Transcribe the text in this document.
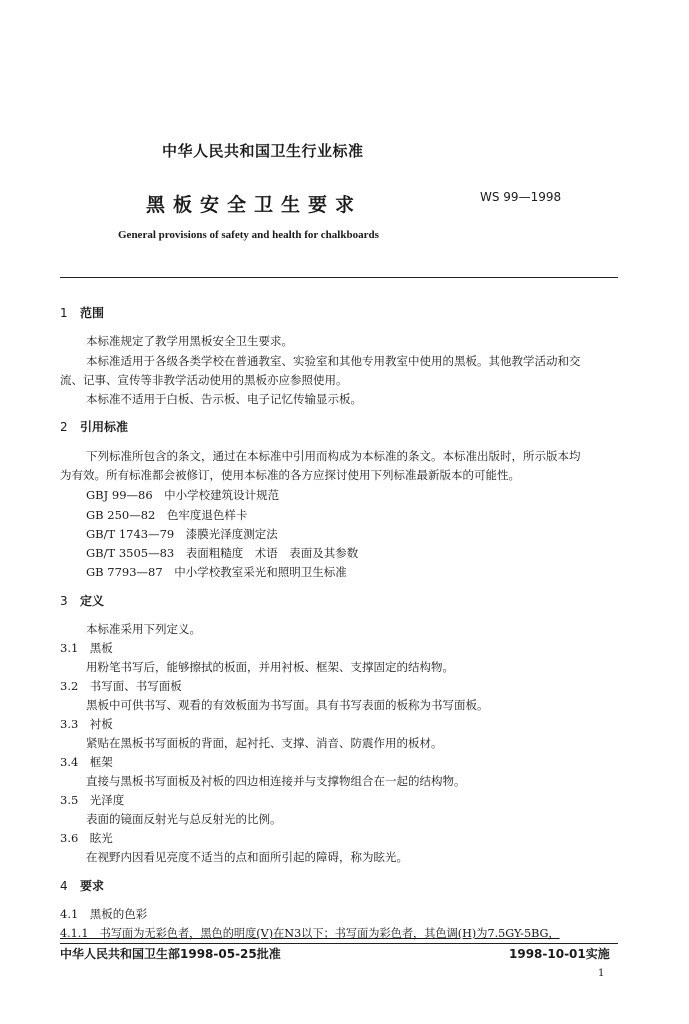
中华人民共和国卫生行业标准
黑板安全卫生要求	WS 99—1998
General provisions of safety and health for chalkboards
1 范围
本标准规定了教学用黑板安全卫生要求。
本标准适用于各级各类学校在普通教室、实验室和其他专用教室中使用的黑板。其他教学活动和交
流、记事、宣传等非教学活动使用的黑板亦应参照使用。
本标准不适用于白板、告示板、电子记忆传输显示板。
2 引用标准
下列标准所包含的条文，通过在本标准中引用而构成为本标准的条文。本标准出版时，所示版本均
为有效。所有标准都会被修订，使用本标准的各方应探讨使用下列标准最新版本的可能性。
GBJ 99—86　中小学校建筑设计规范
GB 250—82　色牢度退色样卡
GB/T 1743—79　漆膜光泽度测定法
GB/T 3505—83　表面粗糙度　术语　表面及其参数
GB 7793—87　中小学校教室采光和照明卫生标准
3 定义
本标准采用下列定义。
3.1　 黑板
用粉笔书写后，能够擦拭的板面，并用衬板、框架、支撑固定的结构物。
3.2　 书写面、书写面板
黑板中可供书写、观看的有效板面为书写面。具有书写表面的板称为书写面板。
3.3　 衬板
紧贴在黑板书写面板的背面，起衬托、支撑、消音、防震作用的板材。
3.4　 框架
直接与黑板书写面板及衬板的四边相连接并与支撑物组合在一起的结构物。
3.5　 光泽度
表面的镜面反射光与总反射光的比例。
3.6　 眩光
在视野内因看见亮度不适当的点和面所引起的障碍，称为眩光。
4 要求
4.1　黑板的色彩
4.1.1　书写面为无彩色者，黑色的明度(V)在N3以下；书写面为彩色者，其色调(H)为7.5GY-5BG，
中华人民共和国卫生部1998-05-25批准	1998-10-01实施
1
